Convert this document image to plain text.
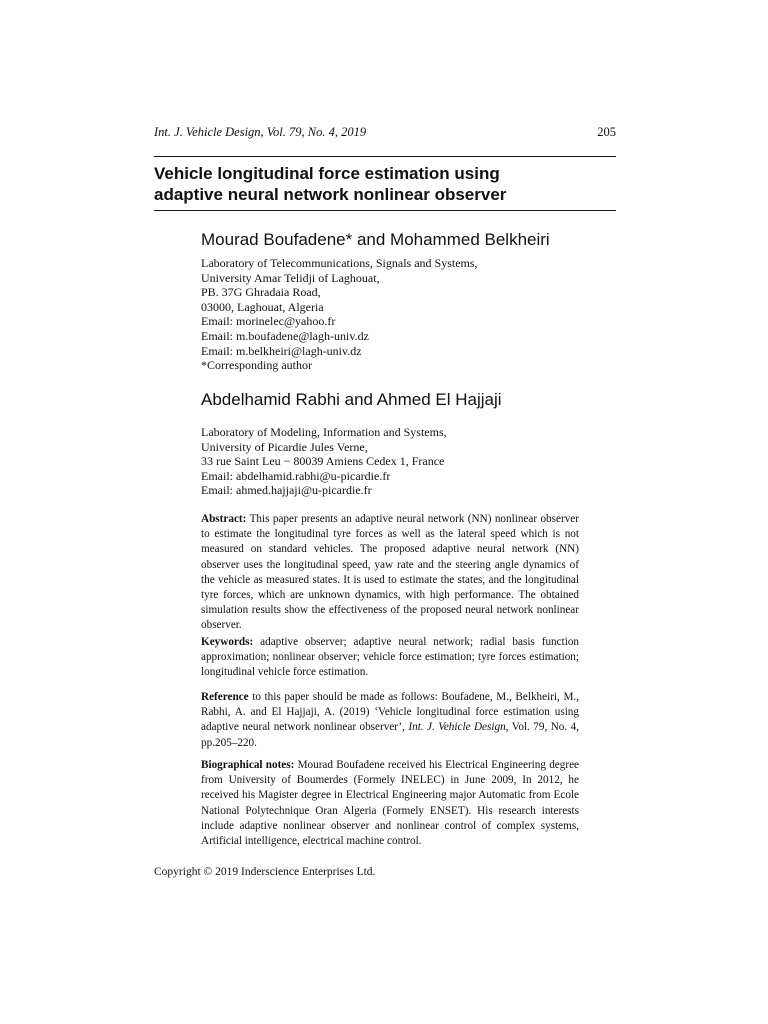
Int. J. Vehicle Design, Vol. 79, No. 4, 2019	205
Vehicle longitudinal force estimation using
adaptive neural network nonlinear observer

Mourad Boufadene* and Mohammed Belkheiri

Laboratory of Telecommunications, Signals and Systems,
University Amar Telidji of Laghouat,
PB. 37G Ghradaia Road,
03000, Laghouat, Algeria
Email: morinelec@yahoo.fr
Email: m.boufadene@lagh-univ.dz
Email: m.belkheiri@lagh-univ.dz
*Corresponding author

Abdelhamid Rabhi and Ahmed El Hajjaji

Laboratory of Modeling, Information and Systems,
University of Picardie Jules Verne,
33 rue Saint Leu − 80039 Amiens Cedex 1, France
Email: abdelhamid.rabhi@u-picardie.fr
Email: ahmed.hajjaji@u-picardie.fr

Abstract: This paper presents an adaptive neural network (NN) nonlinear observer to estimate the longitudinal tyre forces as well as the lateral speed which is not measured on standard vehicles. The proposed adaptive neural network (NN) observer uses the longitudinal speed, yaw rate and the steering angle dynamics of the vehicle as measured states. It is used to estimate the states, and the longitudinal tyre forces, which are unknown dynamics, with high performance. The obtained simulation results show the effectiveness of the proposed neural network nonlinear observer.

Keywords: adaptive observer; adaptive neural network; radial basis function approximation; nonlinear observer; vehicle force estimation; tyre forces estimation; longitudinal vehicle force estimation.

Reference to this paper should be made as follows: Boufadene, M., Belkheiri, M., Rabhi, A. and El Hajjaji, A. (2019) ‘Vehicle longitudinal force estimation using adaptive neural network nonlinear observer’, Int. J. Vehicle Design, Vol. 79, No. 4, pp.205–220.

Biographical notes: Mourad Boufadene received his Electrical Engineering degree from University of Boumerdes (Formely INELEC) in June 2009, In 2012, he received his Magister degree in Electrical Engineering major Automatic from Ecole National Polytechnique Oran Algeria (Formely ENSET). His research interests include adaptive nonlinear observer and nonlinear control of complex systems, Artificial intelligence, electrical machine control.

Copyright © 2019 Inderscience Enterprises Ltd.
